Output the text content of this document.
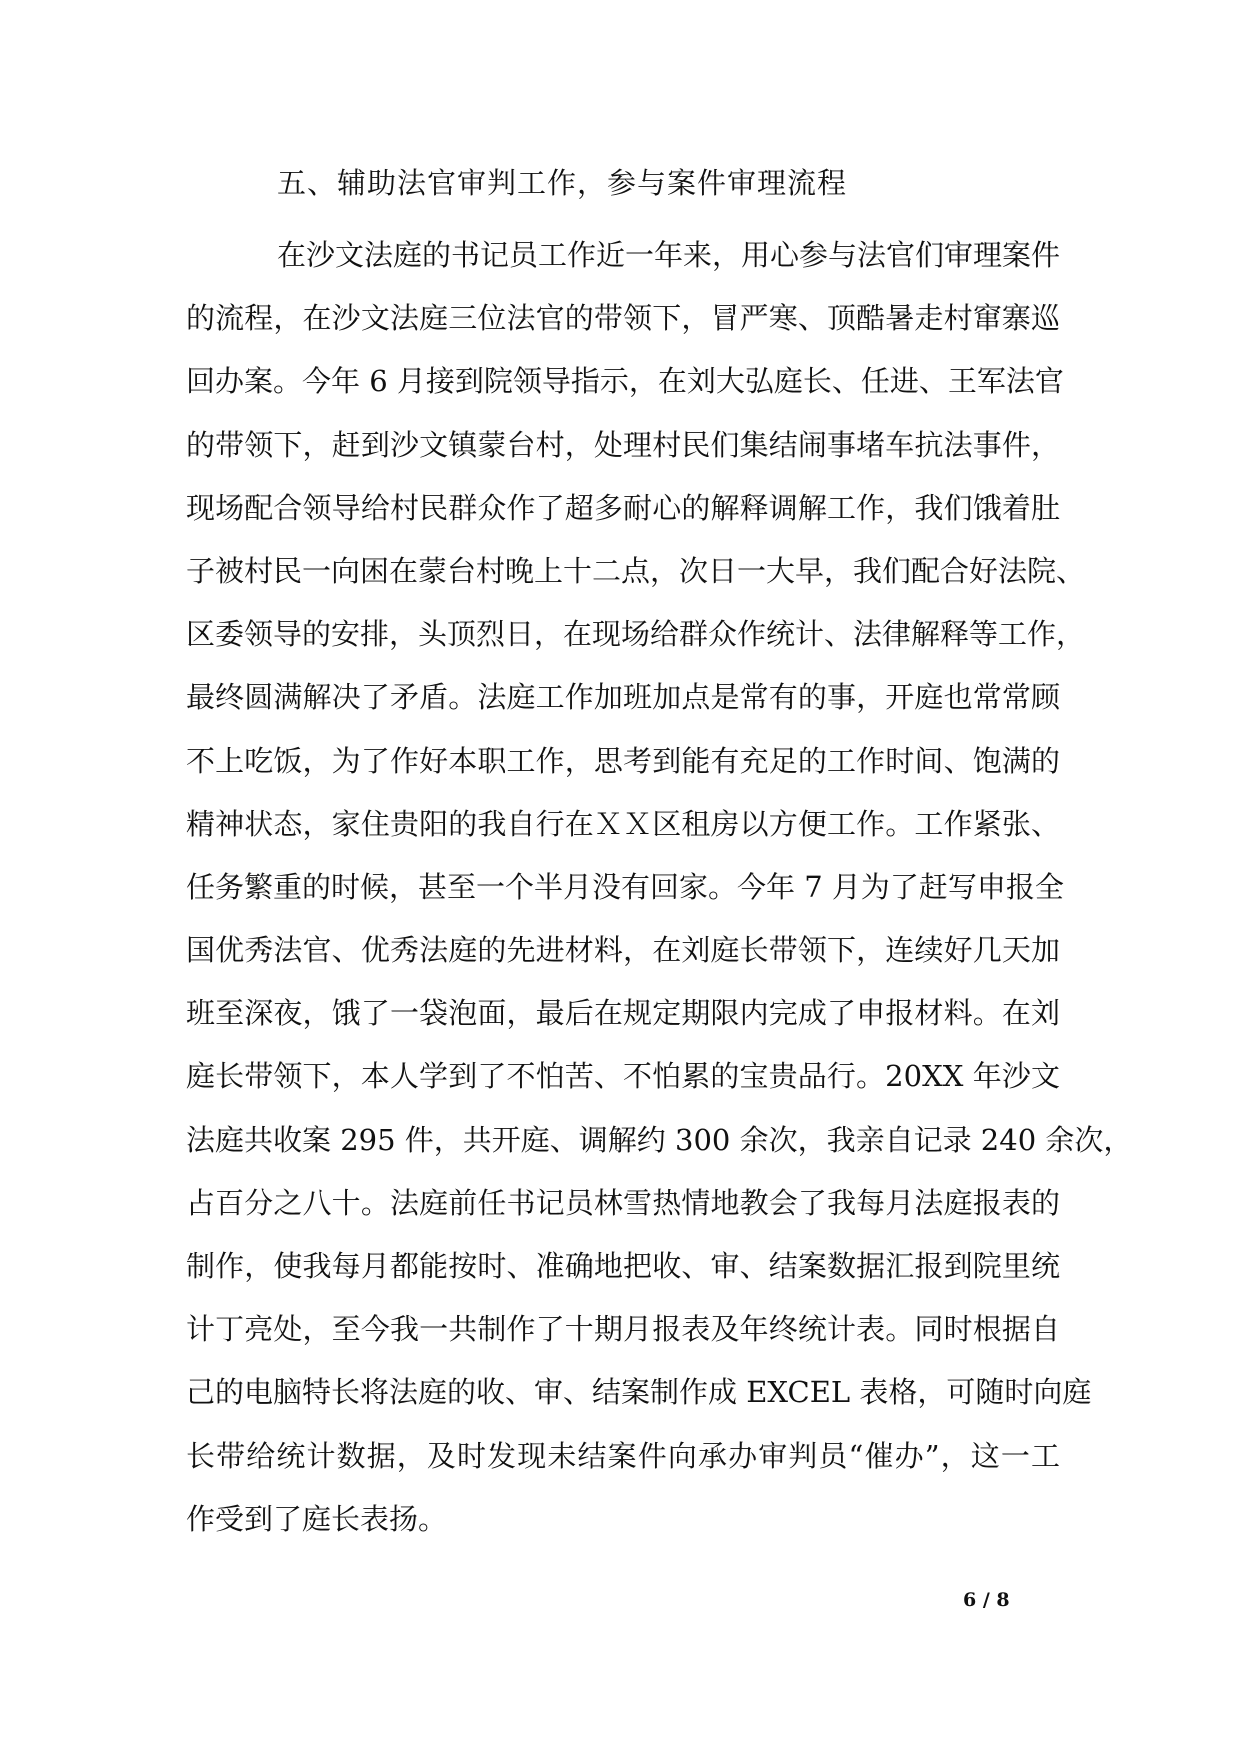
五、辅助法官审判工作，参与案件审理流程
在沙文法庭的书记员工作近一年来，用心参与法官们审理案件
的流程，在沙文法庭三位法官的带领下，冒严寒、顶酷暑走村窜寨巡
回办案。今年 6 月接到院领导指示，在刘大弘庭长、任进、王军法官
的带领下，赶到沙文镇蒙台村，处理村民们集结闹事堵车抗法事件，
现场配合领导给村民群众作了超多耐心的解释调解工作，我们饿着肚
子被村民一向困在蒙台村晚上十二点，次日一大早，我们配合好法院、
区委领导的安排，头顶烈日，在现场给群众作统计、法律解释等工作，
最终圆满解决了矛盾。法庭工作加班加点是常有的事，开庭也常常顾
不上吃饭，为了作好本职工作，思考到能有充足的工作时间、饱满的
精神状态，家住贵阳的我自行在ＸＸ区租房以方便工作。工作紧张、
任务繁重的时候，甚至一个半月没有回家。今年 7 月为了赶写申报全
国优秀法官、优秀法庭的先进材料，在刘庭长带领下，连续好几天加
班至深夜，饿了一袋泡面，最后在规定期限内完成了申报材料。在刘
庭长带领下，本人学到了不怕苦、不怕累的宝贵品行。20XX 年沙文
法庭共收案 295 件，共开庭、调解约 300 余次，我亲自记录 240 余次，
占百分之八十。法庭前任书记员林雪热情地教会了我每月法庭报表的
制作，使我每月都能按时、准确地把收、审、结案数据汇报到院里统
计丁亮处，至今我一共制作了十期月报表及年终统计表。同时根据自
己的电脑特长将法庭的收、审、结案制作成 EXCEL 表格，可随时向庭
长带给统计数据，及时发现未结案件向承办审判员“催办”，这一工
作受到了庭长表扬。
6 / 8
